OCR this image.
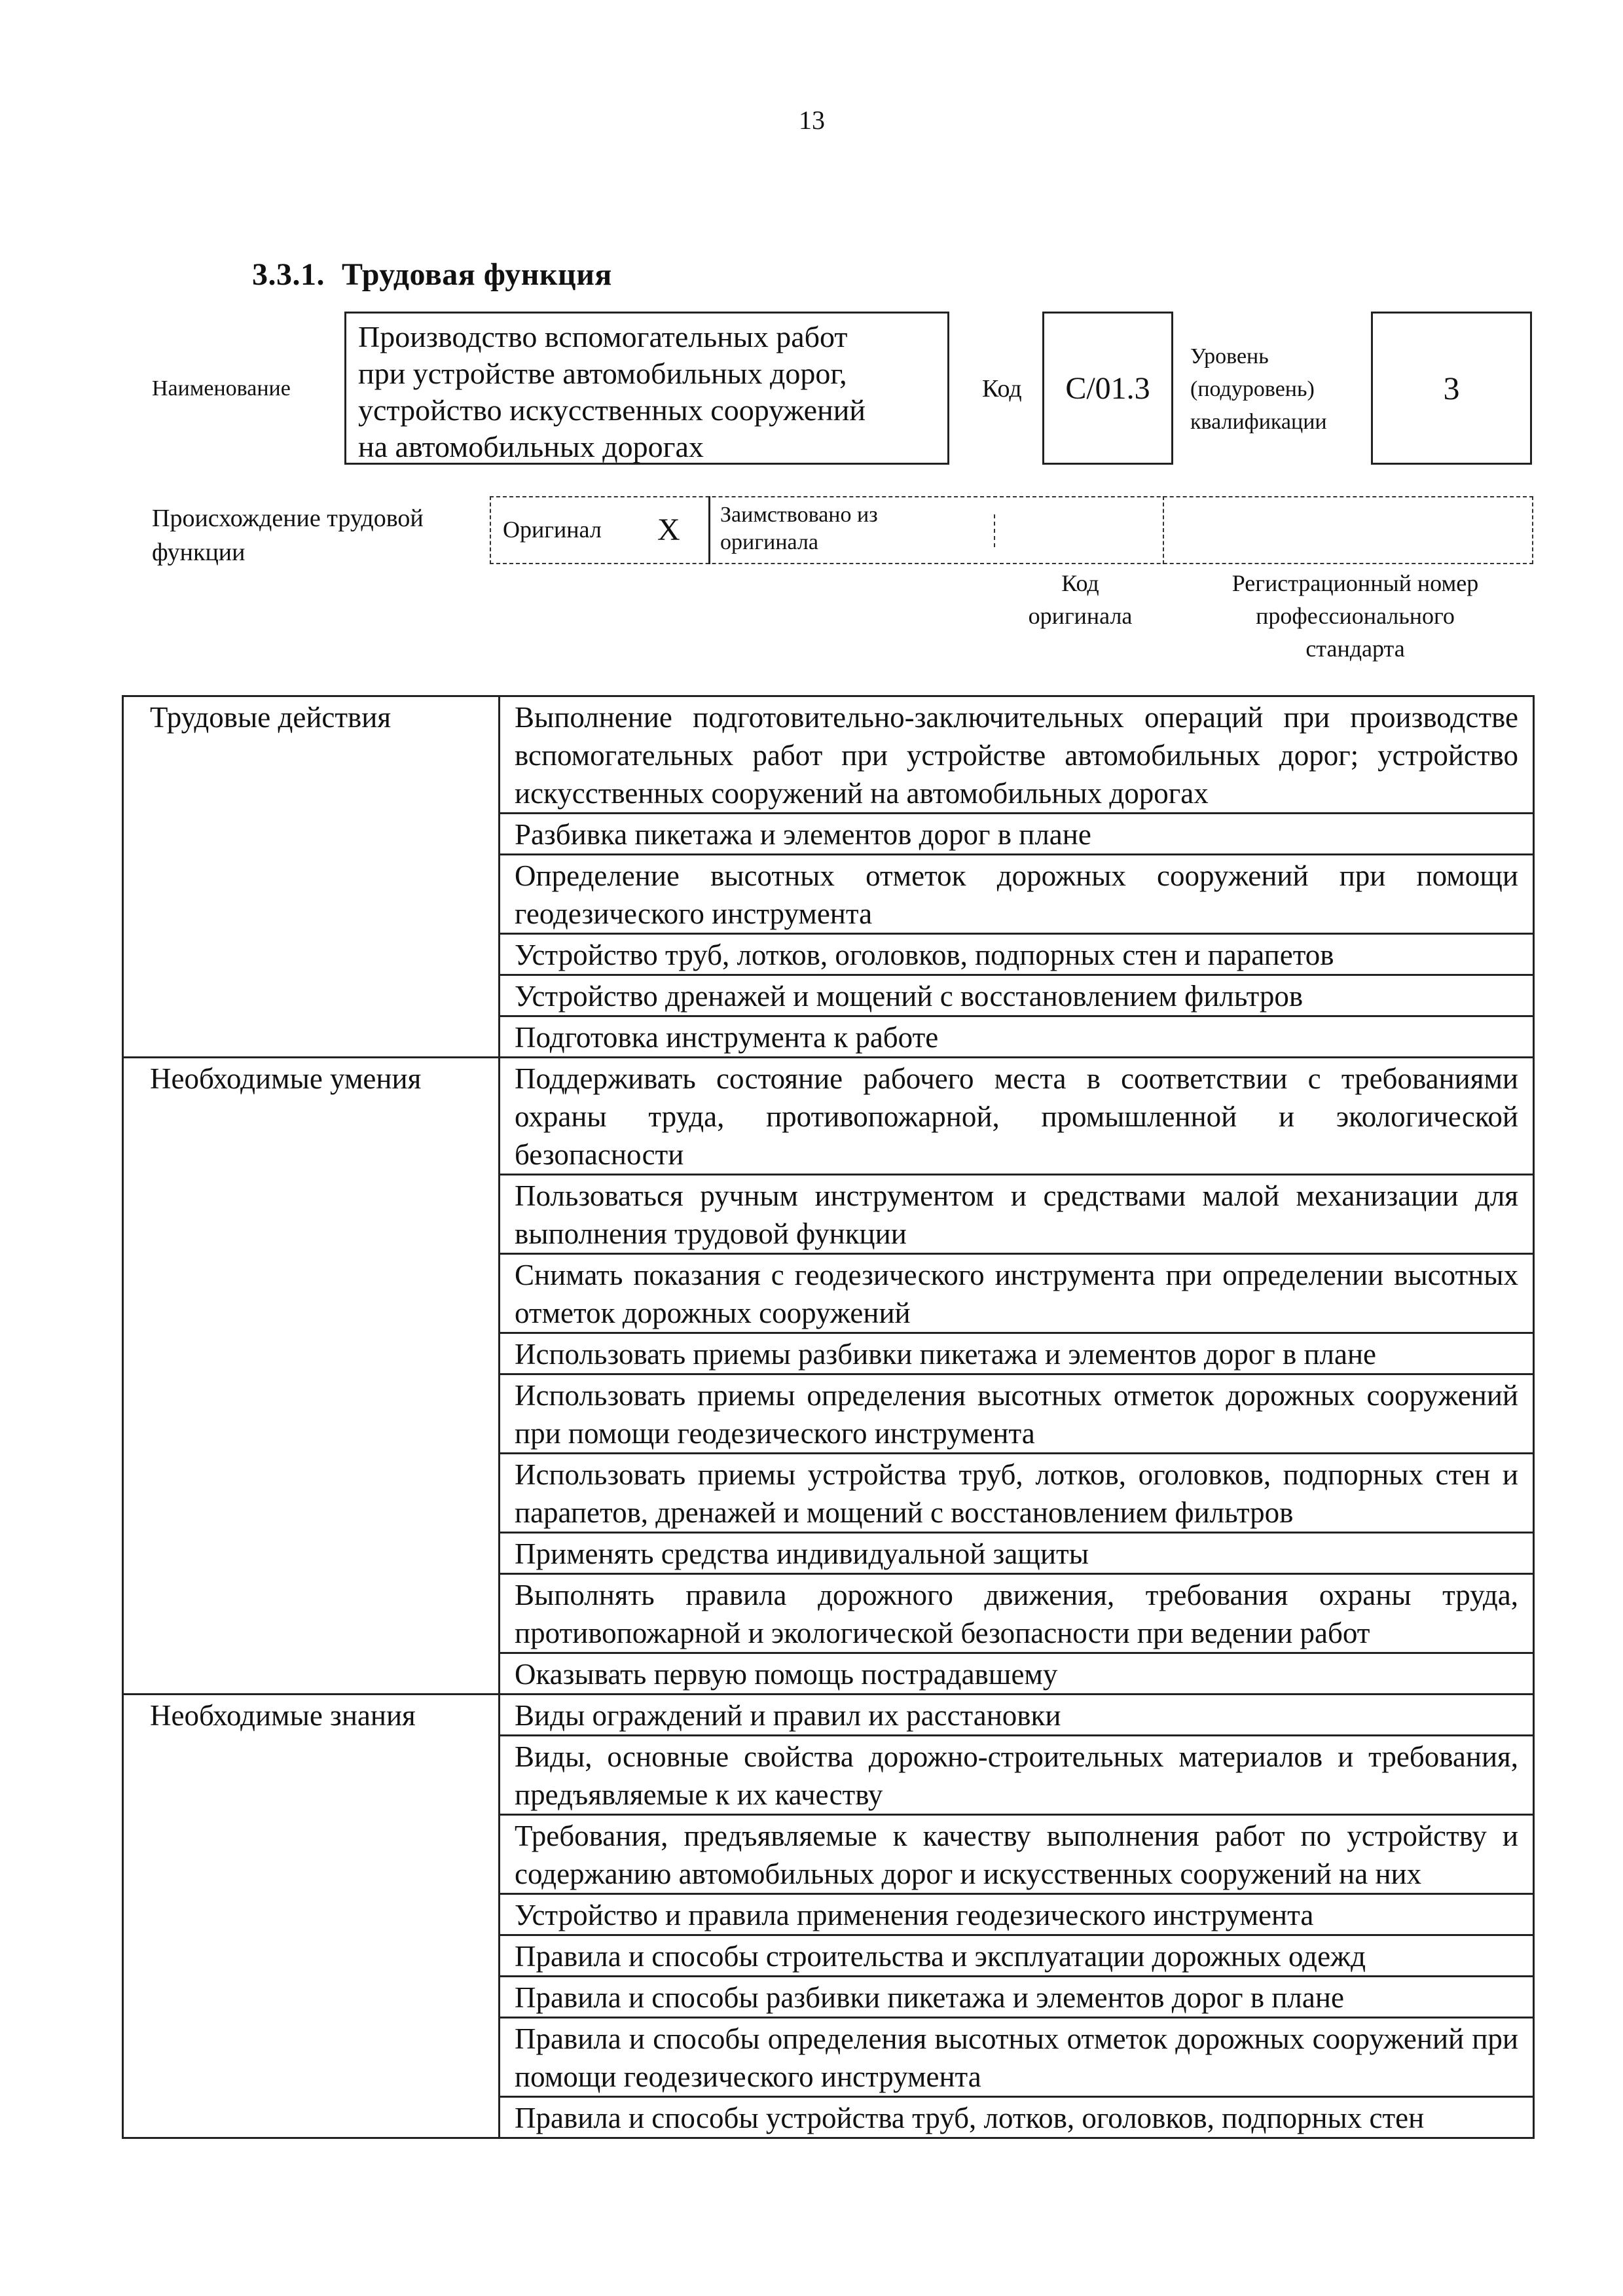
13
3.3.1. Трудовая функция
Наименование
Производство вспомогательных работ
при устройстве автомобильных дорог,
устройство искусственных сооружений
на автомобильных дорогах
Код С/01.3
Уровень
(подуровень)
квалификации
3
Происхождение трудовой
функции
Оригинал Х Заимствовано из
оригинала
Код
оригинала
Регистрационный номер
профессионального
стандарта
Трудовые действия	Выполнение подготовительно-заключительных операций при производстве вспомогательных работ при устройстве автомобильных дорог; устройство искусственных сооружений на автомобильных дорогах
	Разбивка пикетажа и элементов дорог в плане
	Определение высотных отметок дорожных сооружений при помощи геодезического инструмента
	Устройство труб, лотков, оголовков, подпорных стен и парапетов
	Устройство дренажей и мощений с восстановлением фильтров
	Подготовка инструмента к работе
Необходимые умения	Поддерживать состояние рабочего места в соответствии с требованиями охраны труда, противопожарной, промышленной и экологической безопасности
	Пользоваться ручным инструментом и средствами малой механизации для выполнения трудовой функции
	Снимать показания с геодезического инструмента при определении высотных отметок дорожных сооружений
	Использовать приемы разбивки пикетажа и элементов дорог в плане
	Использовать приемы определения высотных отметок дорожных сооружений при помощи геодезического инструмента
	Использовать приемы устройства труб, лотков, оголовков, подпорных стен и парапетов, дренажей и мощений с восстановлением фильтров
	Применять средства индивидуальной защиты
	Выполнять правила дорожного движения, требования охраны труда, противопожарной и экологической безопасности при ведении работ
	Оказывать первую помощь пострадавшему
Необходимые знания	Виды ограждений и правил их расстановки
	Виды, основные свойства дорожно-строительных материалов и требования, предъявляемые к их качеству
	Требования, предъявляемые к качеству выполнения работ по устройству и содержанию автомобильных дорог и искусственных сооружений на них
	Устройство и правила применения геодезического инструмента
	Правила и способы строительства и эксплуатации дорожных одежд
	Правила и способы разбивки пикетажа и элементов дорог в плане
	Правила и способы определения высотных отметок дорожных сооружений при помощи геодезического инструмента
	Правила и способы устройства труб, лотков, оголовков, подпорных стен
